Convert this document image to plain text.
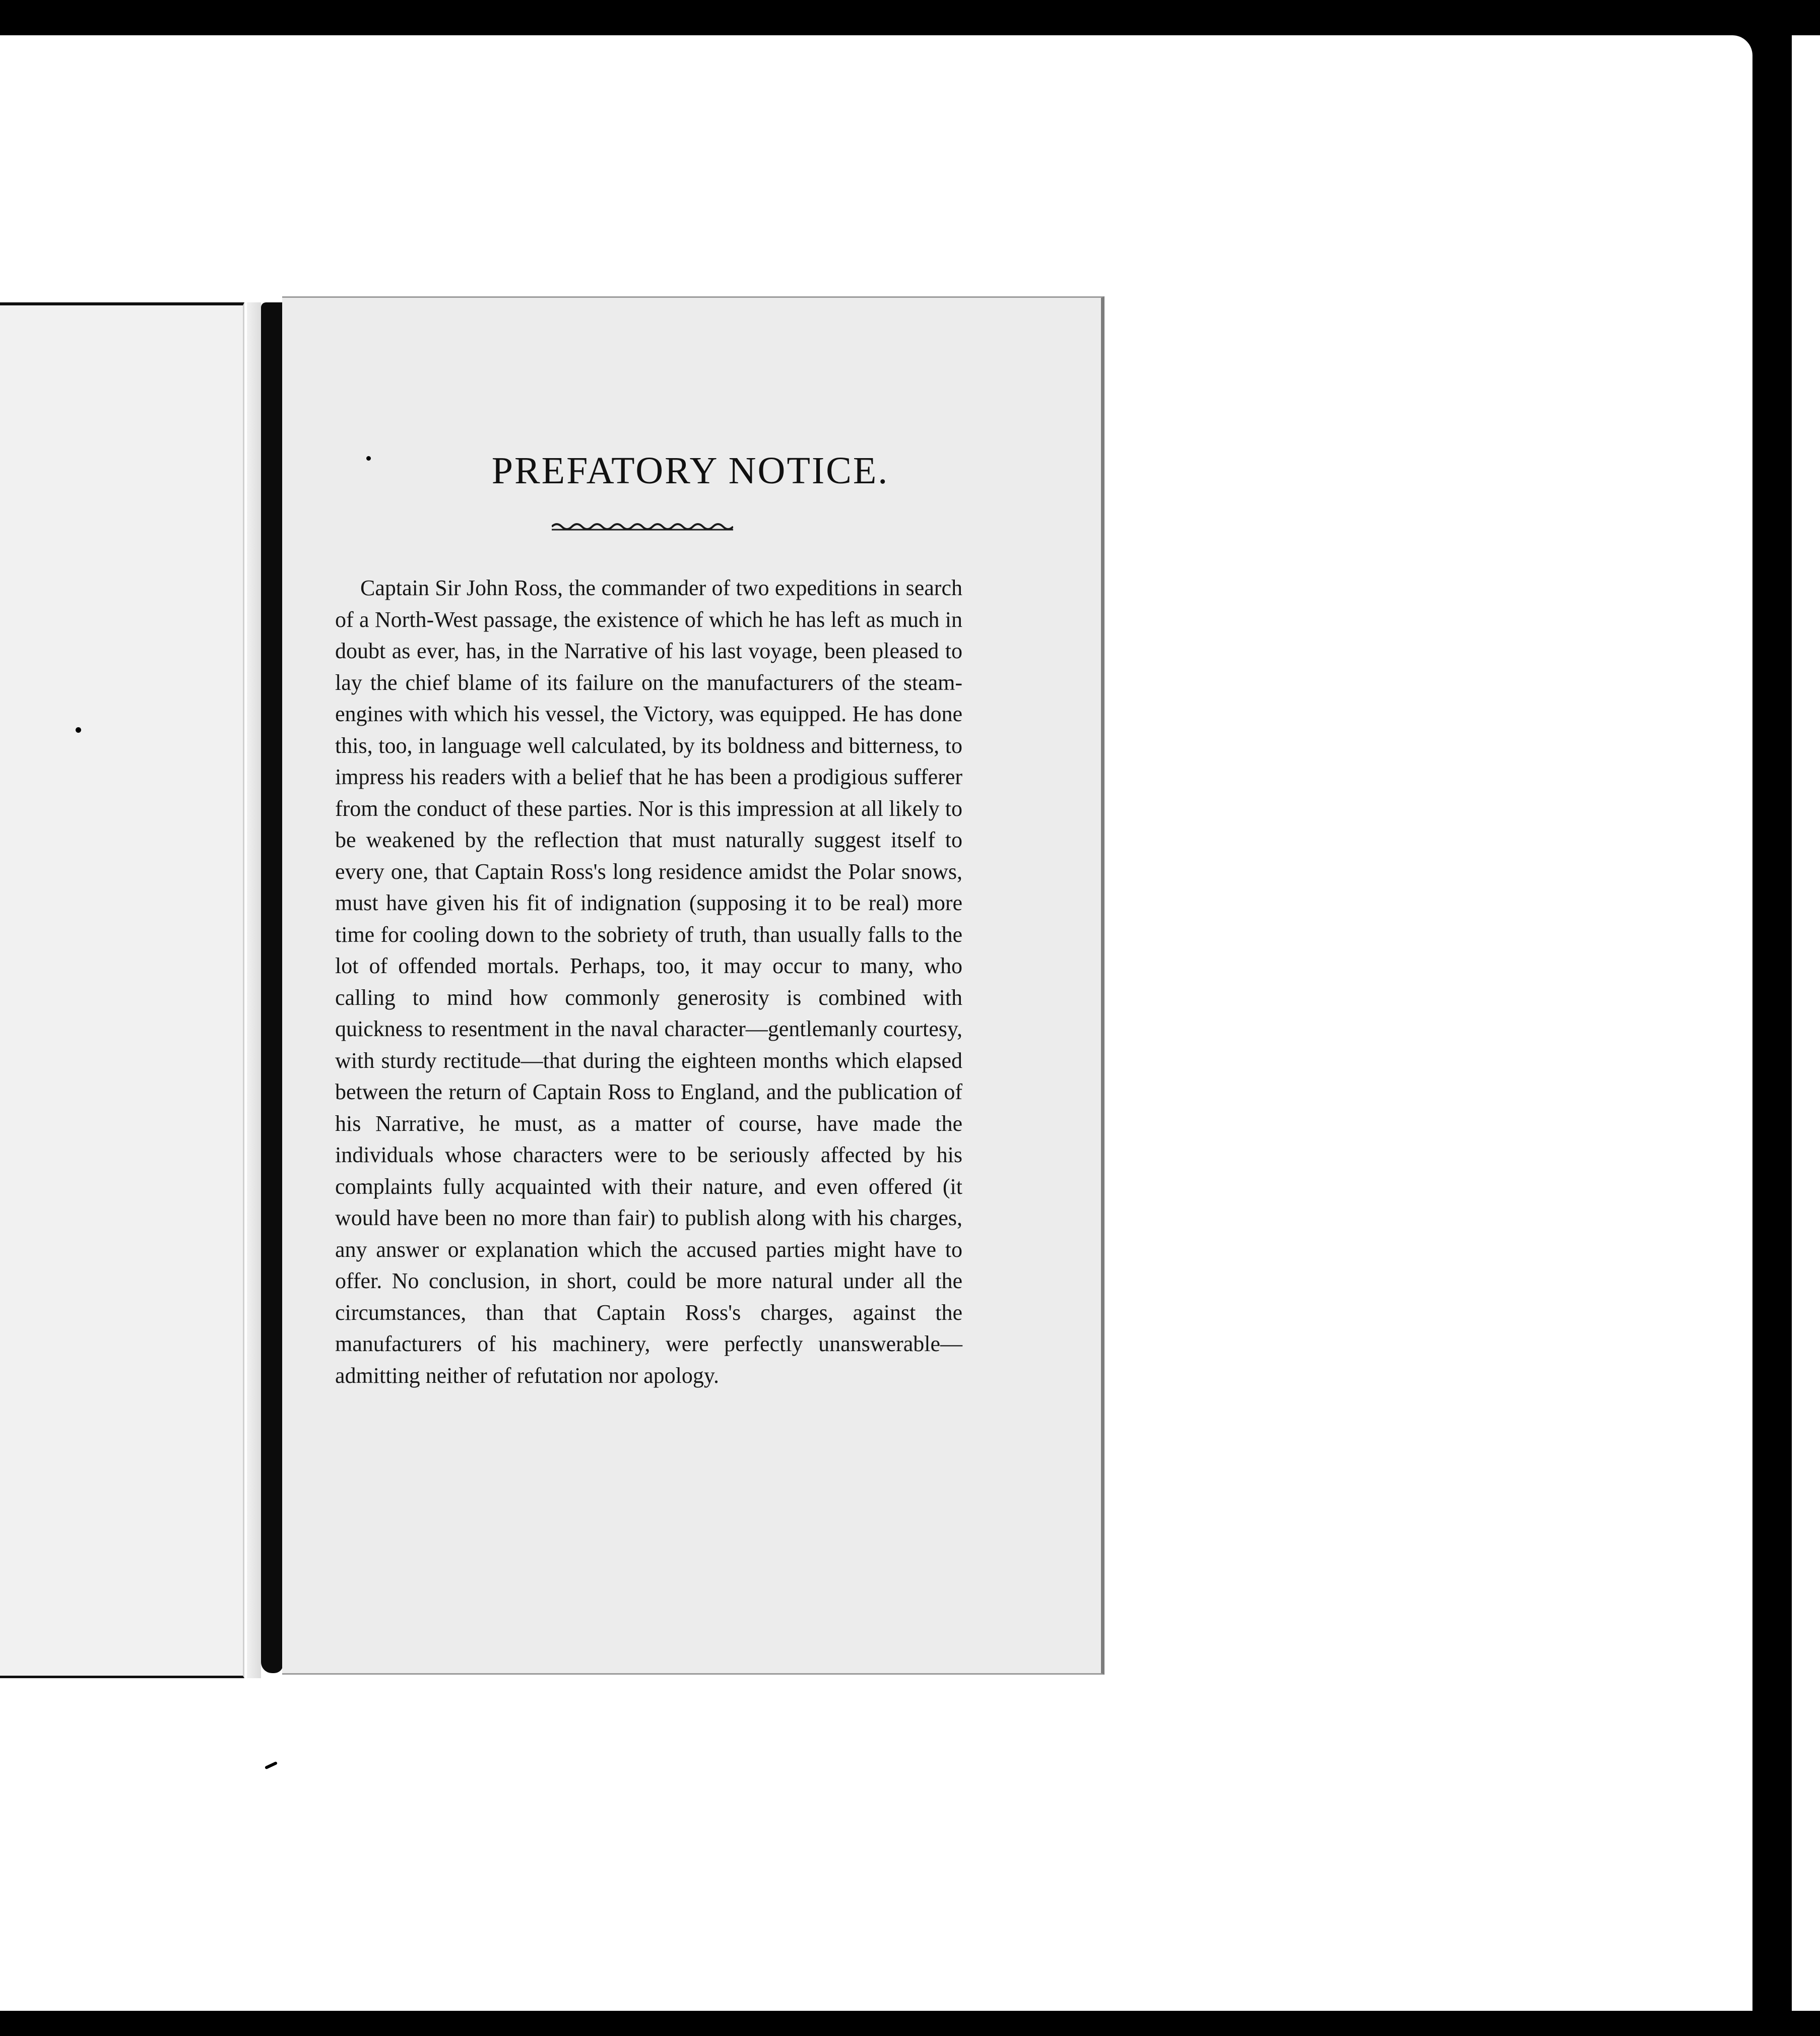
PREFATORY NOTICE.

Captain Sir John Ross, the commander of two expeditions in search of a North-West passage, the existence of which he has left as much in doubt as ever, has, in the Narrative of his last voyage, been pleased to lay the chief blame of its failure on the manufacturers of the steam-engines with which his vessel, the Victory, was equipped. He has done this, too, in language well calculated, by its boldness and bitterness, to impress his readers with a belief that he has been a prodigious sufferer from the conduct of these parties. Nor is this impression at all likely to be weakened by the reflection that must naturally suggest itself to every one, that Captain Ross's long residence amidst the Polar snows, must have given his fit of indignation (supposing it to be real) more time for cooling down to the sobriety of truth, than usually falls to the lot of offended mortals. Perhaps, too, it may occur to many, who calling to mind how commonly generosity is combined with quickness to resentment in the naval character—gentlemanly courtesy, with sturdy rectitude—that during the eighteen months which elapsed between the return of Captain Ross to England, and the publication of his Narrative, he must, as a matter of course, have made the individuals whose characters were to be seriously affected by his complaints fully acquainted with their nature, and even offered (it would have been no more than fair) to publish along with his charges, any answer or explanation which the accused parties might have to offer. No conclusion, in short, could be more natural under all the circumstances, than that Captain Ross's charges, against the manufacturers of his machinery, were perfectly unanswerable—admitting neither of refutation nor apology.
